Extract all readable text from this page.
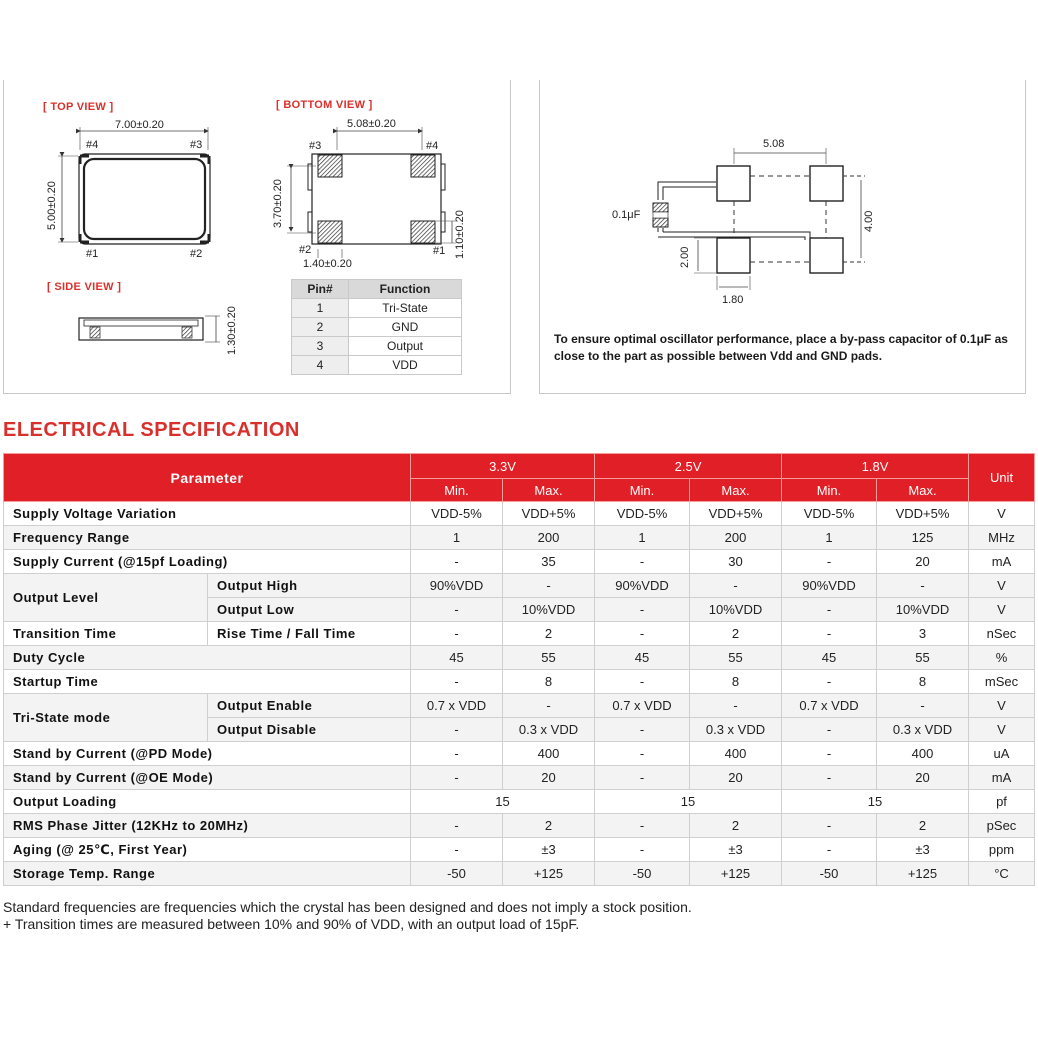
[ TOP VIEW ]	[ BOTTOM VIEW ]
[ SIDE VIEW ]
7.00±0.20
#4	#3
#1	#2
5.00±0.20
5.08±0.20
#3	#4
#2	#1
1.40±0.20
3.70±0.20
1.10±0.20
1.30±0.20
5.08
0.1μF	4.00
2.00
1.80
Pin#	Function
1	Tri-State
2	GND
3	Output
4	VDD
To ensure optimal oscillator performance, place a by-pass capacitor of 0.1μF as close to the part as possible between Vdd and GND pads.
ELECTRICAL SPECIFICATION
Parameter		3.3V		2.5V		1.8V		Unit
		Min.	Max.	Min.	Max.	Min.	Max.	
Supply Voltage Variation		VDD-5%	VDD+5%	VDD-5%	VDD+5%	VDD-5%	VDD+5%	V
Frequency Range		1	200	1	200	1	125	MHz
Supply Current (@15pf Loading)		-	35	-	30	-	20	mA
Output Level	Output High	90%VDD	-	90%VDD	-	90%VDD	-	V
	Output Low	-	10%VDD	-	10%VDD	-	10%VDD	V
Transition Time	Rise Time / Fall Time	-	2	-	2	-	3	nSec
Duty Cycle		45	55	45	55	45	55	%
Startup Time		-	8	-	8	-	8	mSec
Tri-State mode	Output Enable	0.7 x VDD	-	0.7 x VDD	-	0.7 x VDD	-	V
	Output Disable	-	0.3 x VDD	-	0.3 x VDD	-	0.3 x VDD	V
Stand by Current (@PD Mode)		-	400	-	400	-	400	uA
Stand by Current (@OE Mode)		-	20	-	20	-	20	mA
Output Loading		15		15		15		pf
RMS Phase Jitter (12KHz to 20MHz)		-	2	-	2	-	2	pSec
Aging (@ 25℃, First Year)		-	±3	-	±3	-	±3	ppm
Storage Temp. Range		-50	+125	-50	+125	-50	+125	°C
Standard frequencies are frequencies which the crystal has been designed and does not imply a stock position.
+ Transition times are measured between 10% and 90% of VDD, with an output load of 15pF.
